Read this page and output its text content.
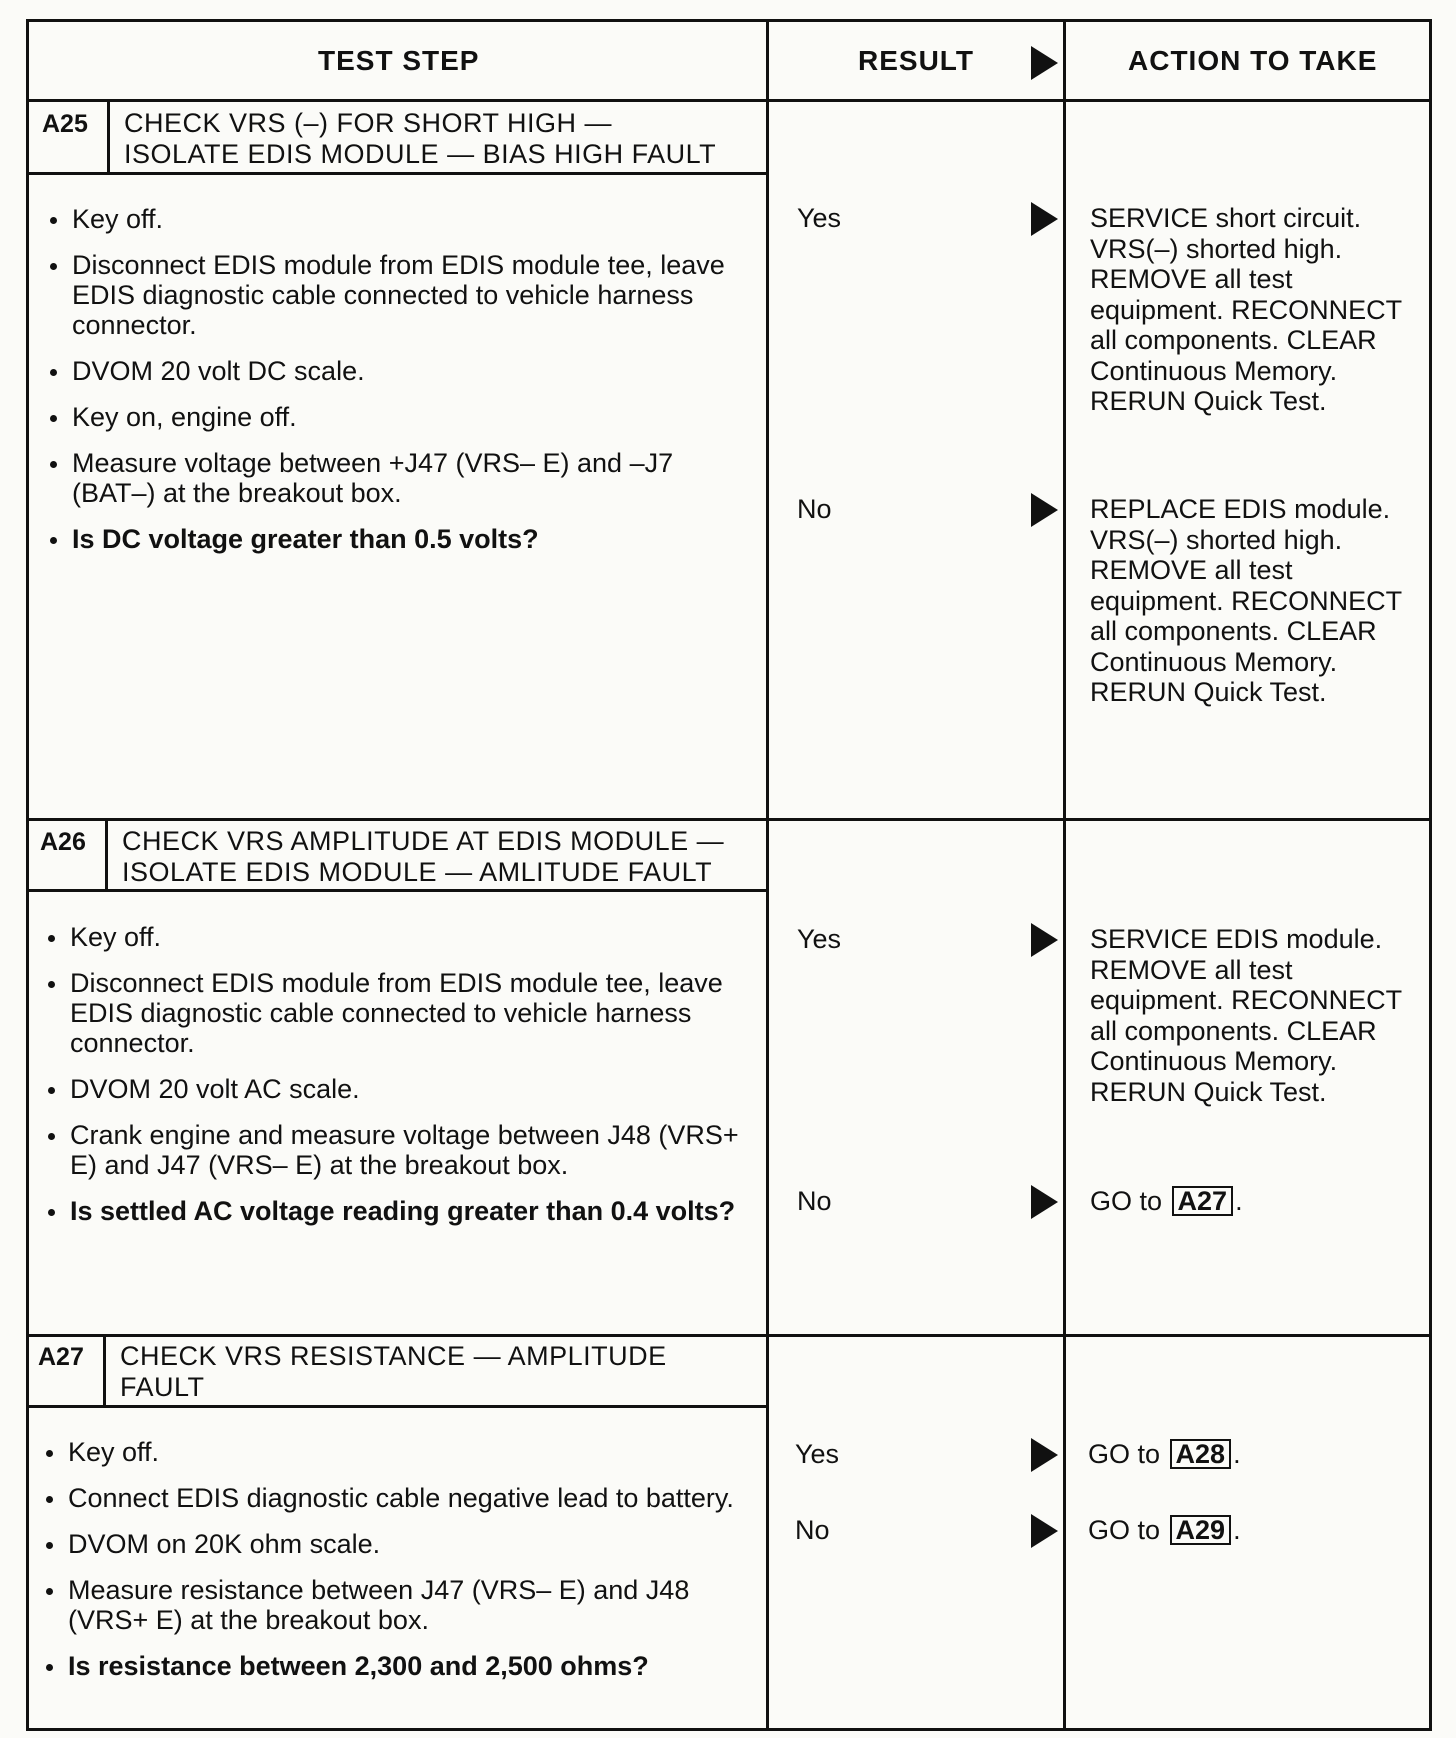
TEST STEP	RESULT	ACTION TO TAKE
A25 CHECK VRS (–) FOR SHORT HIGH —
ISOLATE EDIS MODULE — BIAS HIGH FAULT
Key off.
Disconnect EDIS module from EDIS module tee, leave EDIS diagnostic cable connected to vehicle harness connector.
DVOM 20 volt DC scale.
Key on, engine off.
Measure voltage between +J47 (VRS– E) and –J7 (BAT–) at the breakout box.
Is DC voltage greater than 0.5 volts?
Yes	SERVICE short circuit. VRS(–) shorted high. REMOVE all test equipment. RECONNECT all components. CLEAR Continuous Memory. RERUN Quick Test.
No	REPLACE EDIS module. VRS(–) shorted high. REMOVE all test equipment. RECONNECT all components. CLEAR Continuous Memory. RERUN Quick Test.
A26 CHECK VRS AMPLITUDE AT EDIS MODULE —
ISOLATE EDIS MODULE — AMLITUDE FAULT
Key off.
Disconnect EDIS module from EDIS module tee, leave EDIS diagnostic cable connected to vehicle harness connector.
DVOM 20 volt AC scale.
Crank engine and measure voltage between J48 (VRS+ E) and J47 (VRS– E) at the breakout box.
Is settled AC voltage reading greater than 0.4 volts?
Yes	SERVICE EDIS module. REMOVE all test equipment. RECONNECT all components. CLEAR Continuous Memory. RERUN Quick Test.
No	GO to A27 .
A27 CHECK VRS RESISTANCE — AMPLITUDE
FAULT
Key off.
Connect EDIS diagnostic cable negative lead to battery.
DVOM on 20K ohm scale.
Measure resistance between J47 (VRS– E) and J48 (VRS+ E) at the breakout box.
Is resistance between 2,300 and 2,500 ohms?
Yes	GO to A28 .
No	GO to A29 .
